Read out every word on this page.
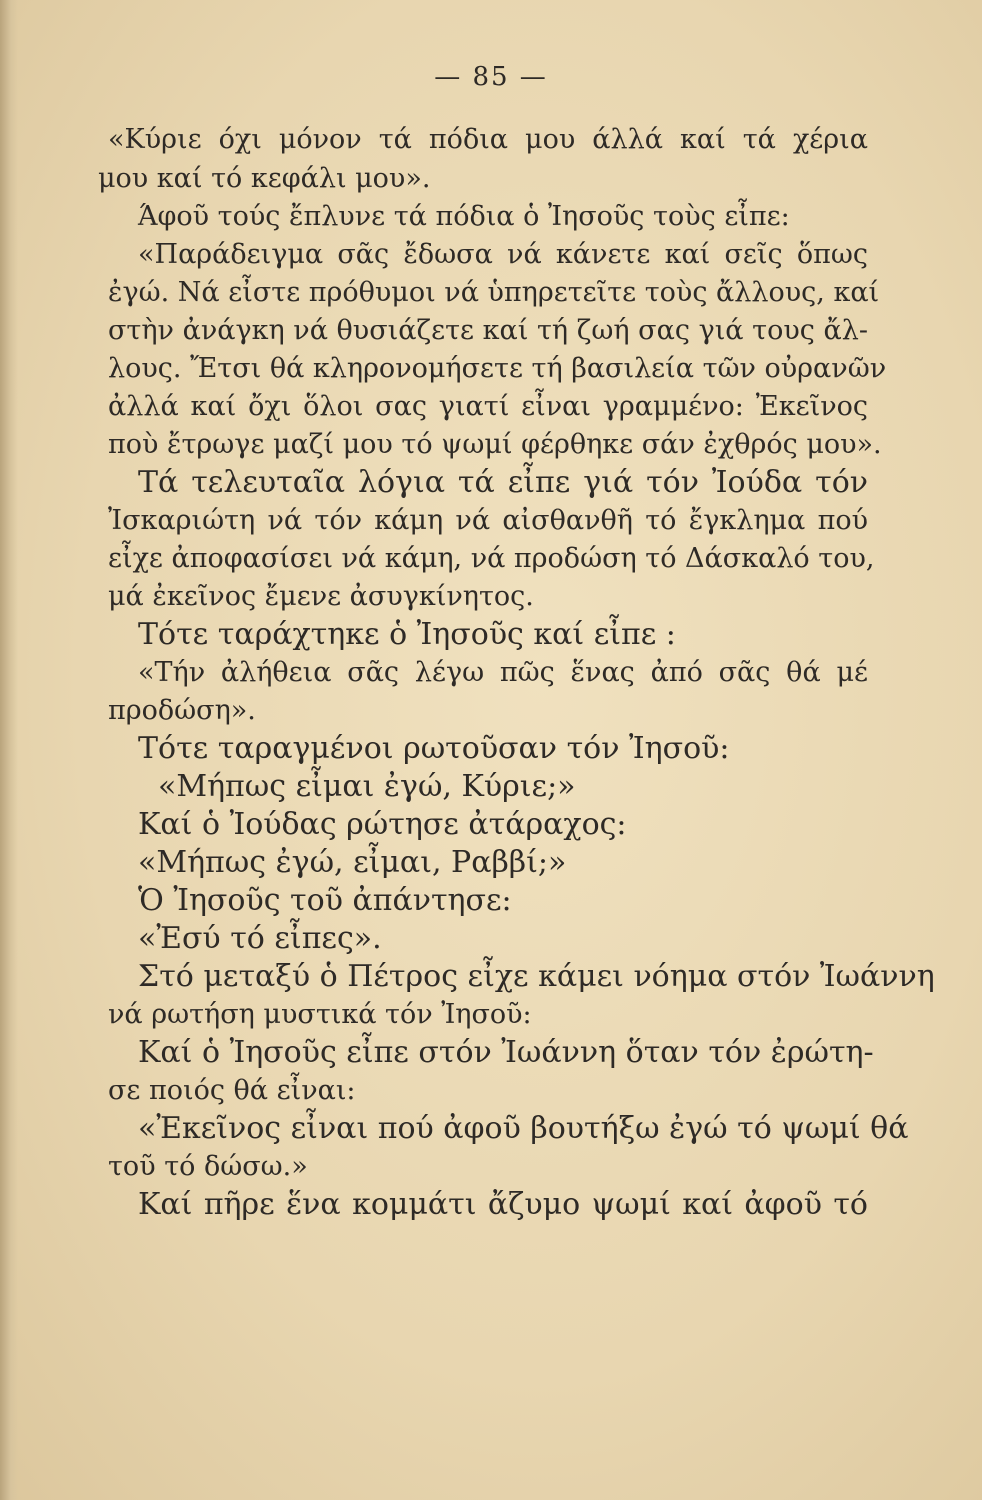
— 85 —
«Κύριε όχι μόνον τά πόδια μου άλλά καί τά χέρια
μου καί τό κεφάλι μου».
Άφοῦ τούς ἔπλυνε τά πόδια ὁ Ἰησοῦς τοὺς εἶπε:
«Παράδειγμα σᾶς ἔδωσα νά κάνετε καί σεῖς ὅπως
ἐγώ. Νά εἶστε πρόθυμοι νά ὑπηρετεῖτε τοὺς ἄλλους, καί
στὴν ἀνάγκη νά θυσιάζετε καί τή ζωή σας γιά τους ἄλ-
λους. Ἔτσι θά κληρονομήσετε τή βασιλεία τῶν οὐρανῶν
ἀλλά καί ὄχι ὅλοι σας γιατί εἶναι γραμμένο: Ἐκεῖνος
ποὺ ἔτρωγε μαζί μου τό ψωμί φέρθηκε σάν ἐχθρός μου».
Τά τελευταῖα λόγια τά εἶπε γιά τόν Ἰούδα τόν
Ἰσκαριώτη νά τόν κάμη νά αἰσθανθῆ τό ἔγκλημα πού
εἶχε ἀποφασίσει νά κάμη, νά προδώση τό Δάσκαλό του,
μά ἐκεῖνος ἔμενε ἀσυγκίνητος.
Τότε ταράχτηκε ὁ Ἰησοῦς καί εἶπε :
«Τήν ἀλήθεια σᾶς λέγω πῶς ἕνας ἀπό σᾶς θά μέ
προδώση».
Τότε ταραγμένοι ρωτοῦσαν τόν Ἰησοῦ:
«Μήπως εἶμαι ἐγώ, Κύριε;»
Καί ὁ Ἰούδας ρώτησε ἀτάραχος:
«Μήπως ἐγώ, εἶμαι, Ραββί;»
Ὁ Ἰησοῦς τοῦ ἀπάντησε:
«Ἐσύ τό εἶπες».
Στό μεταξύ ὁ Πέτρος εἶχε κάμει νόημα στόν Ἰωάννη
νά ρωτήση μυστικά τόν Ἰησοῦ:
Καί ὁ Ἰησοῦς εἶπε στόν Ἰωάννη ὅταν τόν ἐρώτη-
σε ποιός θά εἶναι:
«Ἐκεῖνος εἶναι πού ἀφοῦ βουτήξω ἐγώ τό ψωμί θά
τοῦ τό δώσω.»
Καί πῆρε ἕνα κομμάτι ἄζυμο ψωμί καί ἀφοῦ τό
